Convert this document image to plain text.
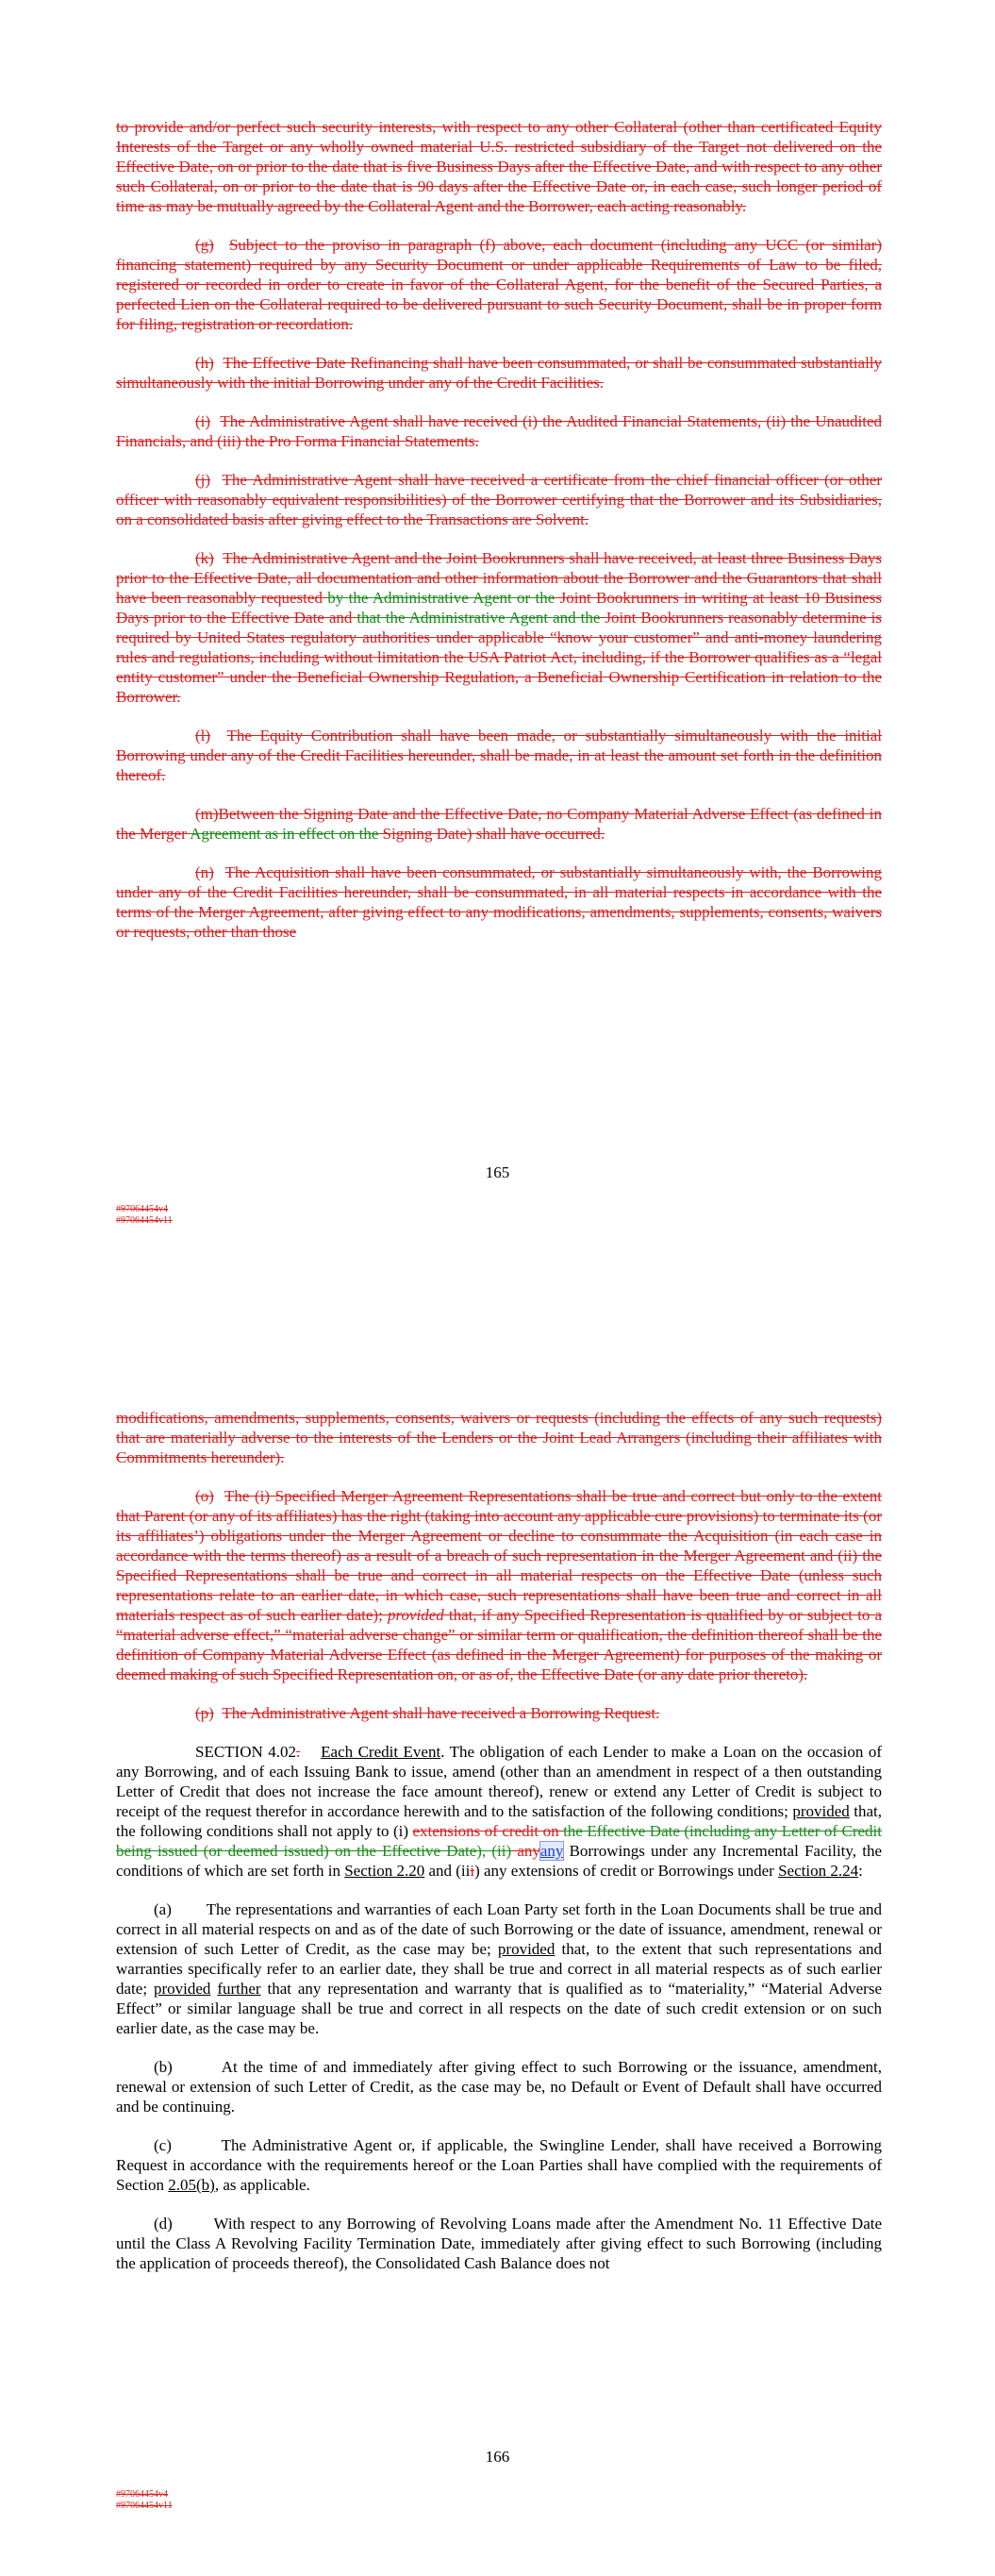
to provide and/or perfect such security interests, with respect to any other Collateral (other than certificated Equity Interests of the Target or any wholly owned material U.S. restricted subsidiary of the Target not delivered on the Effective Date, on or prior to the date that is five Business Days after the Effective Date, and with respect to any other such Collateral, on or prior to the date that is 90 days after the Effective Date or, in each case, such longer period of time as may be mutually agreed by the Collateral Agent and the Borrower, each acting reasonably.

(g) Subject to the proviso in paragraph (f) above, each document (including any UCC (or similar) financing statement) required by any Security Document or under applicable Requirements of Law to be filed, registered or recorded in order to create in favor of the Collateral Agent, for the benefit of the Secured Parties, a perfected Lien on the Collateral required to be delivered pursuant to such Security Document, shall be in proper form for filing, registration or recordation.

(h) The Effective Date Refinancing shall have been consummated, or shall be consummated substantially simultaneously with the initial Borrowing under any of the Credit Facilities.

(i) The Administrative Agent shall have received (i) the Audited Financial Statements, (ii) the Unaudited Financials, and (iii) the Pro Forma Financial Statements.

(j) The Administrative Agent shall have received a certificate from the chief financial officer (or other officer with reasonably equivalent responsibilities) of the Borrower certifying that the Borrower and its Subsidiaries, on a consolidated basis after giving effect to the Transactions are Solvent.

(k) The Administrative Agent and the Joint Bookrunners shall have received, at least three Business Days prior to the Effective Date, all documentation and other information about the Borrower and the Guarantors that shall have been reasonably requested by the Administrative Agent or the Joint Bookrunners in writing at least 10 Business Days prior to the Effective Date and that the Administrative Agent and the Joint Bookrunners reasonably determine is required by United States regulatory authorities under applicable “know your customer” and anti-money laundering rules and regulations, including without limitation the USA Patriot Act, including, if the Borrower qualifies as a “legal entity customer” under the Beneficial Ownership Regulation, a Beneficial Ownership Certification in relation to the Borrower.

(l) The Equity Contribution shall have been made, or substantially simultaneously with the initial Borrowing under any of the Credit Facilities hereunder, shall be made, in at least the amount set forth in the definition thereof.

(m)Between the Signing Date and the Effective Date, no Company Material Adverse Effect (as defined in the Merger Agreement as in effect on the Signing Date) shall have occurred.

(n) The Acquisition shall have been consummated, or substantially simultaneously with, the Borrowing under any of the Credit Facilities hereunder, shall be consummated, in all material respects in accordance with the terms of the Merger Agreement, after giving effect to any modifications, amendments, supplements, consents, waivers or requests, other than those

165
#97064454v4
#97064454v11

modifications, amendments, supplements, consents, waivers or requests (including the effects of any such requests) that are materially adverse to the interests of the Lenders or the Joint Lead Arrangers (including their affiliates with Commitments hereunder).

(o) The (i) Specified Merger Agreement Representations shall be true and correct but only to the extent that Parent (or any of its affiliates) has the right (taking into account any applicable cure provisions) to terminate its (or its affiliates’) obligations under the Merger Agreement or decline to consummate the Acquisition (in each case in accordance with the terms thereof) as a result of a breach of such representation in the Merger Agreement and (ii) the Specified Representations shall be true and correct in all material respects on the Effective Date (unless such representations relate to an earlier date, in which case, such representations shall have been true and correct in all materials respect as of such earlier date); provided that, if any Specified Representation is qualified by or subject to a “material adverse effect,” “material adverse change” or similar term or qualification, the definition thereof shall be the definition of Company Material Adverse Effect (as defined in the Merger Agreement) for purposes of the making or deemed making of such Specified Representation on, or as of, the Effective Date (or any date prior thereto).

(p) The Administrative Agent shall have received a Borrowing Request.

SECTION 4.02. Each Credit Event. The obligation of each Lender to make a Loan on the occasion of any Borrowing, and of each Issuing Bank to issue, amend (other than an amendment in respect of a then outstanding Letter of Credit that does not increase the face amount thereof), renew or extend any Letter of Credit is subject to receipt of the request therefor in accordance herewith and to the satisfaction of the following conditions; provided that, the following conditions shall not apply to (i) extensions of credit on the Effective Date (including any Letter of Credit being issued (or deemed issued) on the Effective Date), (ii) anyany Borrowings under any Incremental Facility, the conditions of which are set forth in Section 2.20 and (iii) any extensions of credit or Borrowings under Section 2.24:

(a) The representations and warranties of each Loan Party set forth in the Loan Documents shall be true and correct in all material respects on and as of the date of such Borrowing or the date of issuance, amendment, renewal or extension of such Letter of Credit, as the case may be; provided that, to the extent that such representations and warranties specifically refer to an earlier date, they shall be true and correct in all material respects as of such earlier date; provided further that any representation and warranty that is qualified as to “materiality,” “Material Adverse Effect” or similar language shall be true and correct in all respects on the date of such credit extension or on such earlier date, as the case may be.

(b)	At the time of and immediately after giving effect to such Borrowing or the issuance, amendment, renewal or extension of such Letter of Credit, as the case may be, no Default or Event of Default shall have occurred and be continuing.

(c)	The Administrative Agent or, if applicable, the Swingline Lender, shall have received a Borrowing Request in accordance with the requirements hereof or the Loan Parties shall have complied with the requirements of Section 2.05(b), as applicable.

(d)	With respect to any Borrowing of Revolving Loans made after the Amendment No. 11 Effective Date until the Class A Revolving Facility Termination Date, immediately after giving effect to such Borrowing (including the application of proceeds thereof), the Consolidated Cash Balance does not

166
#97064454v4
#97064454v11
